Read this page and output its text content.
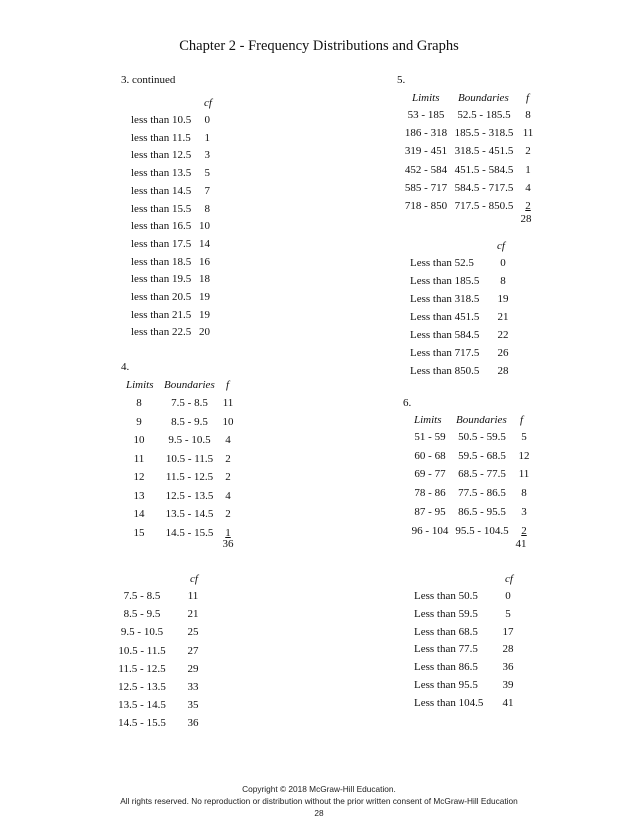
Chapter 2 - Frequency Distributions and Graphs
3. continued
cf
less than 10.5	0
less than 11.5	1
less than 12.5	3
less than 13.5	5
less than 14.5	7
less than 15.5	8
less than 16.5 10
less than 17.5 14
less than 18.5 16
less than 19.5 18
less than 20.5 19
less than 21.5 19
less than 22.5 20
4.
Limits Boundaries f
8	7.5 - 8.5	11
9	8.5 - 9.5	10
10	9.5 - 10.5	4
11	10.5 - 11.5	2
12	11.5 - 12.5	2
13	12.5 - 13.5	4
14	13.5 - 14.5	2
15	14.5 - 15.5	1
36
cf
7.5 - 8.5	11
8.5 - 9.5	21
9.5 - 10.5	25
10.5 - 11.5	27
11.5 - 12.5	29
12.5 - 13.5	33
13.5 - 14.5	35
14.5 - 15.5	36
5.
Limits Boundaries f
53 - 185	52.5 - 185.5	8
186 - 318 185.5 - 318.5 11
319 - 451 318.5 - 451.5	2
452 - 584 451.5 - 584.5	1
585 - 717 584.5 - 717.5	4
718 - 850 717.5 - 850.5	2
28
cf
Less than 52.5	0
Less than 185.5	8
Less than 318.5	19
Less than 451.5	21
Less than 584.5	22
Less than 717.5	26
Less than 850.5	28
6.
Limits Boundaries f
51 - 59	50.5 - 59.5	5
60 - 68	59.5 - 68.5	12
69 - 77	68.5 - 77.5	11
78 - 86	77.5 - 86.5	8
87 - 95	86.5 - 95.5	3
96 - 104 95.5 - 104.5	2
41
cf
Less than 50.5	0
Less than 59.5	5
Less than 68.5	17
Less than 77.5	28
Less than 86.5	36
Less than 95.5	39
Less than 104.5	41
Copyright © 2018 McGraw-Hill Education.
All rights reserved. No reproduction or distribution without the prior written consent of McGraw-Hill Education
28
